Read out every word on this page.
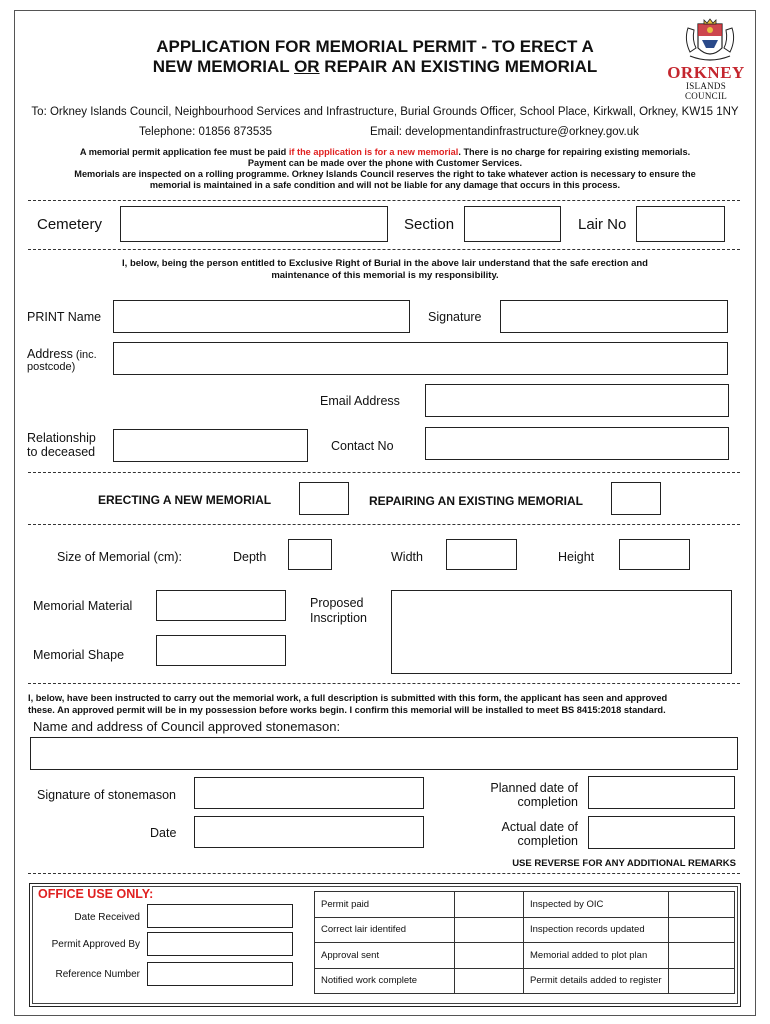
APPLICATION FOR MEMORIAL PERMIT - TO ERECT A
NEW MEMORIAL OR REPAIR AN EXISTING MEMORIAL	ORKNEY
ISLANDS COUNCIL
To: Orkney Islands Council, Neighbourhood Services and Infrastructure, Burial Grounds Officer, School Place, Kirkwall, Orkney, KW15 1NY
Telephone: 01856 873535	Email: developmentandinfrastructure@orkney.gov.uk
A memorial permit application fee must be paid if the application is for a new memorial. There is no charge for repairing existing memorials.
Payment can be made over the phone with Customer Services.
Memorials are inspected on a rolling programme. Orkney Islands Council reserves the right to take whatever action is necessary to ensure the
memorial is maintained in a safe condition and will not be liable for any damage that occurs in this process.
Cemetery	Section	Lair No
I, below, being the person entitled to Exclusive Right of Burial in the above lair understand that the safe erection and
maintenance of this memorial is my responsibility.
PRINT Name	Signature
Address (inc.
postcode)
Email Address
Relationship
to deceased	Contact No
ERECTING A NEW MEMORIAL	REPAIRING AN EXISTING MEMORIAL
Size of Memorial (cm):	Depth	Width	Height
Memorial Material	Proposed
Inscription
Memorial Shape
I, below, have been instructed to carry out the memorial work, a full description is submitted with this form, the applicant has seen and approved
these. An approved permit will be in my possession before works begin. I confirm this memorial will be installed to meet BS 8415:2018 standard.
Name and address of Council approved stonemason:
Signature of stonemason	Planned date of
completion
Date	Actual date of
completion
USE REVERSE FOR ANY ADDITIONAL REMARKS
OFFICE USE ONLY:
Date Received
Permit Approved By
Reference Number
Permit paid		Inspected by OIC	
Correct lair identifed		Inspection records updated	
Approval sent		Memorial added to plot plan	
Notified work complete		Permit details added to register	
